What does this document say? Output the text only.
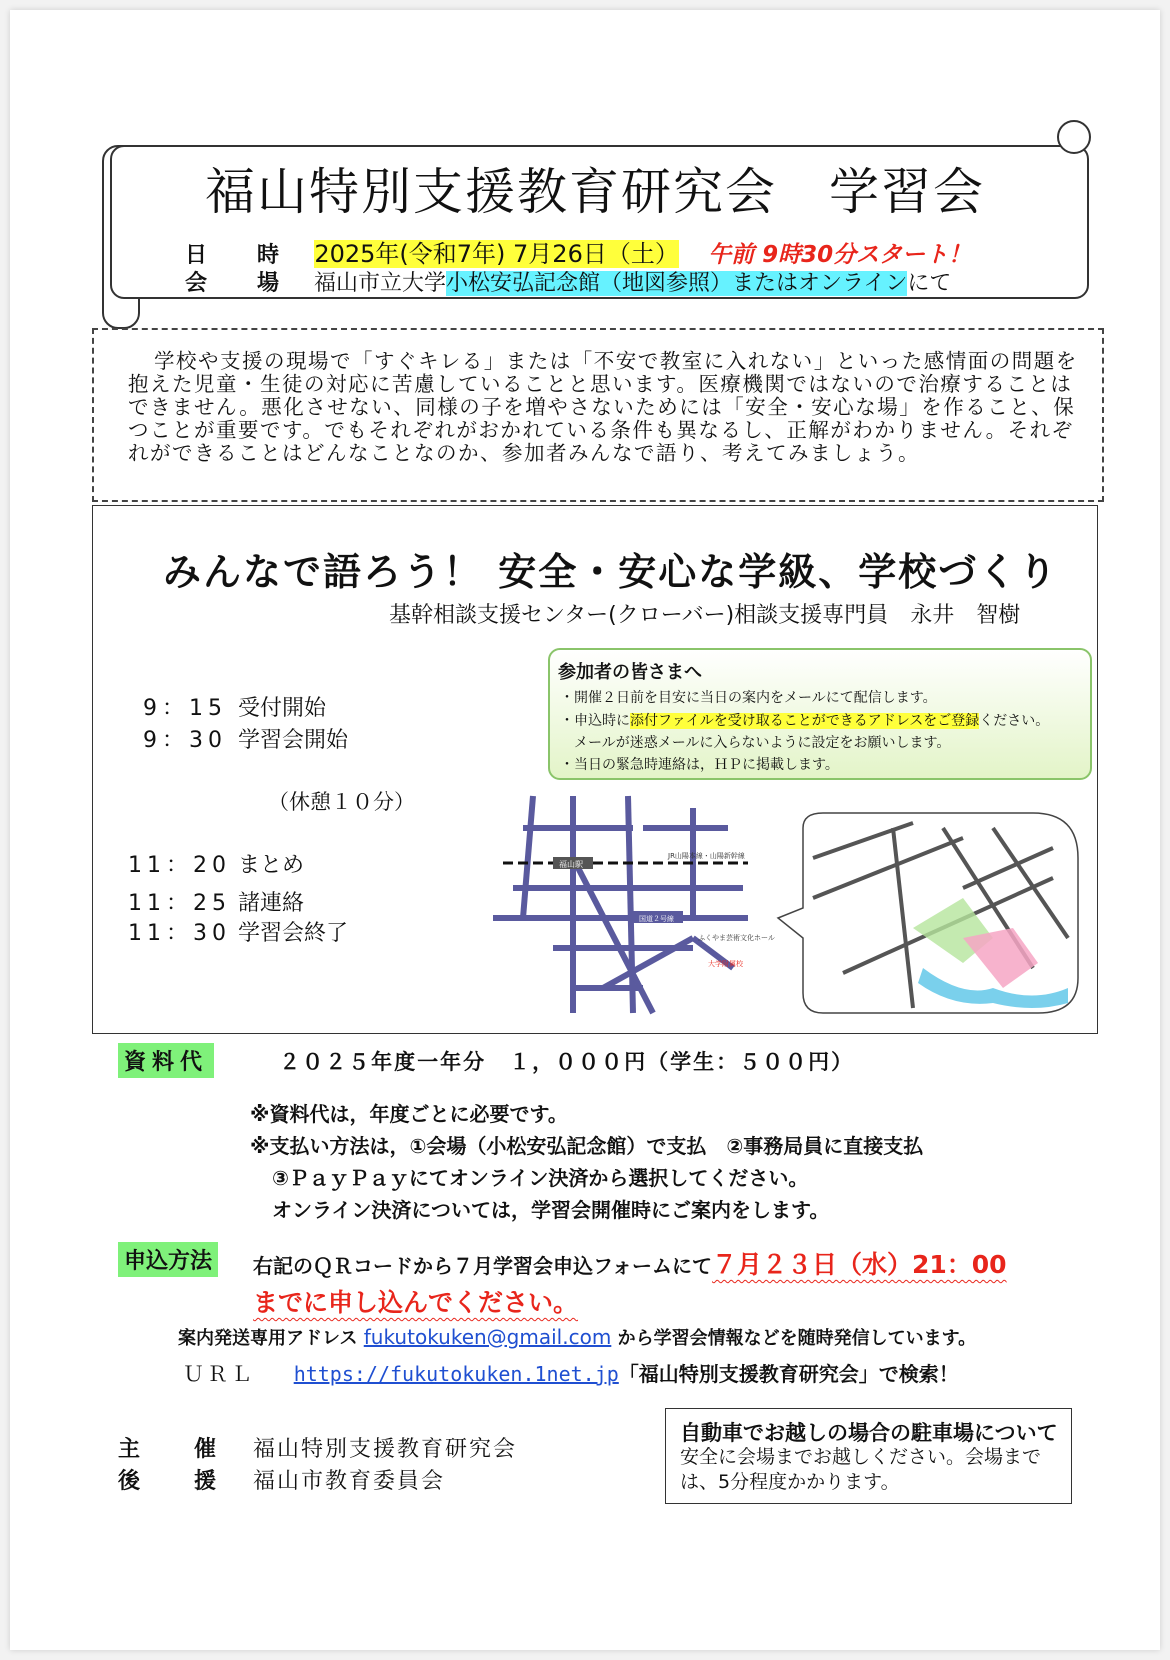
福山特別支援教育研究会　学習会
日　時 2025年(令和7年) 7月26日（土） 午前 9時30分スタート！
会　場 福山市立大学小松安弘記念館（地図参照）またはオンラインにて

学校や支援の現場で「すぐキレる」または「不安で教室に入れない」といった感情面の問題を抱えた児童・生徒の対応に苦慮していることと思います。医療機関ではないので治療することはできません。悪化させない、同様の子を増やさないためには「安全・安心な場」を作ること、保つことが重要です。でもそれぞれがおかれている条件も異なるし、正解がわかりません。それぞれができることはどんなことなのか、参加者みんなで語り、考えてみましょう。

みんなで語ろう！ 安全・安心な学級、学校づくり
基幹相談支援センター(クローバー)相談支援専門員　永井　智樹
9：15 受付開始
9：30 学習会開始
（休憩１０分）
11：20 まとめ
11：25 諸連絡
11：30 学習会終了
参加者の皆さまへ
・開催２日前を目安に当日の案内をメールにて配信します。
・申込時に添付ファイルを受け取ることができるアドレスをご登録ください。
メールが迷惑メールに入らないように設定をお願いします。
・当日の緊急時連絡は，ＨＰに掲載します。
福山駅
JR山陽本線・山陽新幹線
国道２号線
ふくやま芸術文化ホール
大学附属校
資料代	２０２５年度一年分　１，０００円（学生：５００円）
※資料代は，年度ごとに必要です。
※支払い方法は，①会場（小松安弘記念館）で支払　②事務局員に直接支払
③ＰａｙＰａｙにてオンライン決済から選択してください。
オンライン決済については，学習会開催時にご案内をします。
申込方法	右記のＱＲコードから７月学習会申込フォームにて７月２３日（水）21：00
までに申し込んでください。
案内発送専用アドレス fukutokuken@gmail.com から学習会情報などを随時発信しています。
ＵＲＬ https://fukutokuken.1net.jp「福山特別支援教育研究会」で検索！
主　催 福山特別支援教育研究会
後　援 福山市教育委員会
自動車でお越しの場合の駐車場について
安全に会場までお越しください。会場までは、5分程度かかります。
